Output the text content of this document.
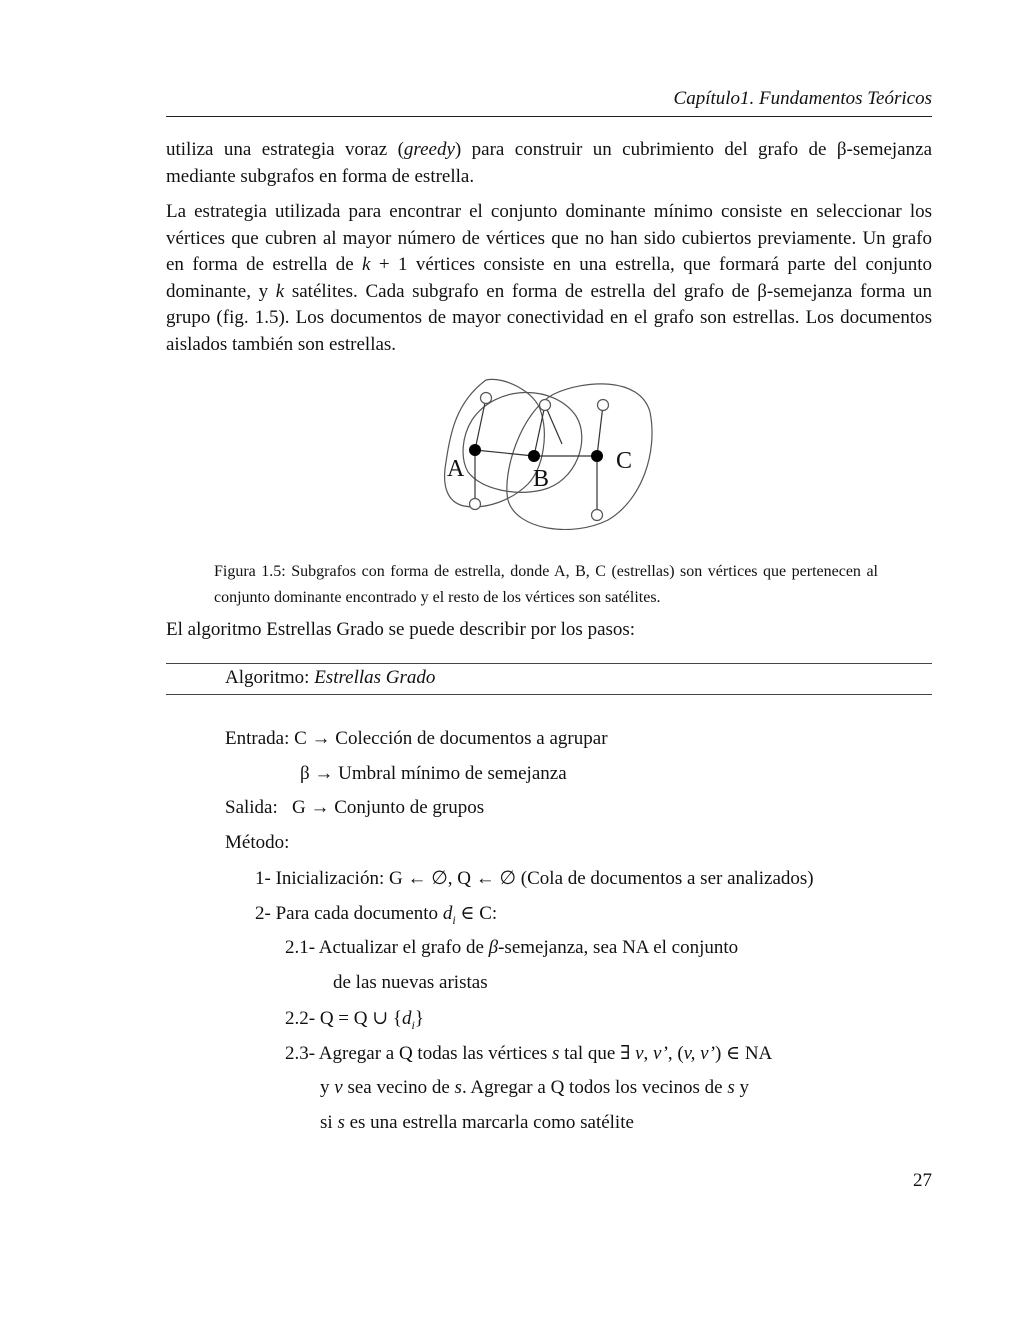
Capítulo1. Fundamentos Teóricos
utiliza una estrategia voraz (greedy) para construir un cubrimiento del grafo de β-semejanza mediante subgrafos en forma de estrella.
La estrategia utilizada para encontrar el conjunto dominante mínimo consiste en seleccionar los vértices que cubren al mayor número de vértices que no han sido cubiertos previamente. Un grafo en forma de estrella de k + 1 vértices consiste en una estrella, que formará parte del conjunto dominante, y k satélites. Cada subgrafo en forma de estrella del grafo de β-semejanza forma un grupo (fig. 1.5). Los documentos de mayor conectividad en el grafo son estrellas. Los documentos aislados también son estrellas.
A	B
C
Figura 1.5: Subgrafos con forma de estrella, donde A, B, C (estrellas) son vértices que pertenecen al conjunto dominante encontrado y el resto de los vértices son satélites.
El algoritmo Estrellas Grado se puede describir por los pasos:
Algoritmo: Estrellas Grado
Entrada: C → Colección de documentos a agrupar
β → Umbral mínimo de semejanza
Salida:   G → Conjunto de grupos
Método:
1- Inicialización: G ← ∅, Q ← ∅ (Cola de documentos a ser analizados)
2- Para cada documento $d_i$ ∈ C:
2.1- Actualizar el grafo de β-semejanza, sea NA el conjunto
de las nuevas aristas
2.2- Q = Q ∪ $\{d_i\}$
2.3- Agregar a Q todas las vértices s tal que ∃ v, v’, (v, v’) ∈ NA
y v sea vecino de s. Agregar a Q todos los vecinos de s y
si s es una estrella marcarla como satélite
27
